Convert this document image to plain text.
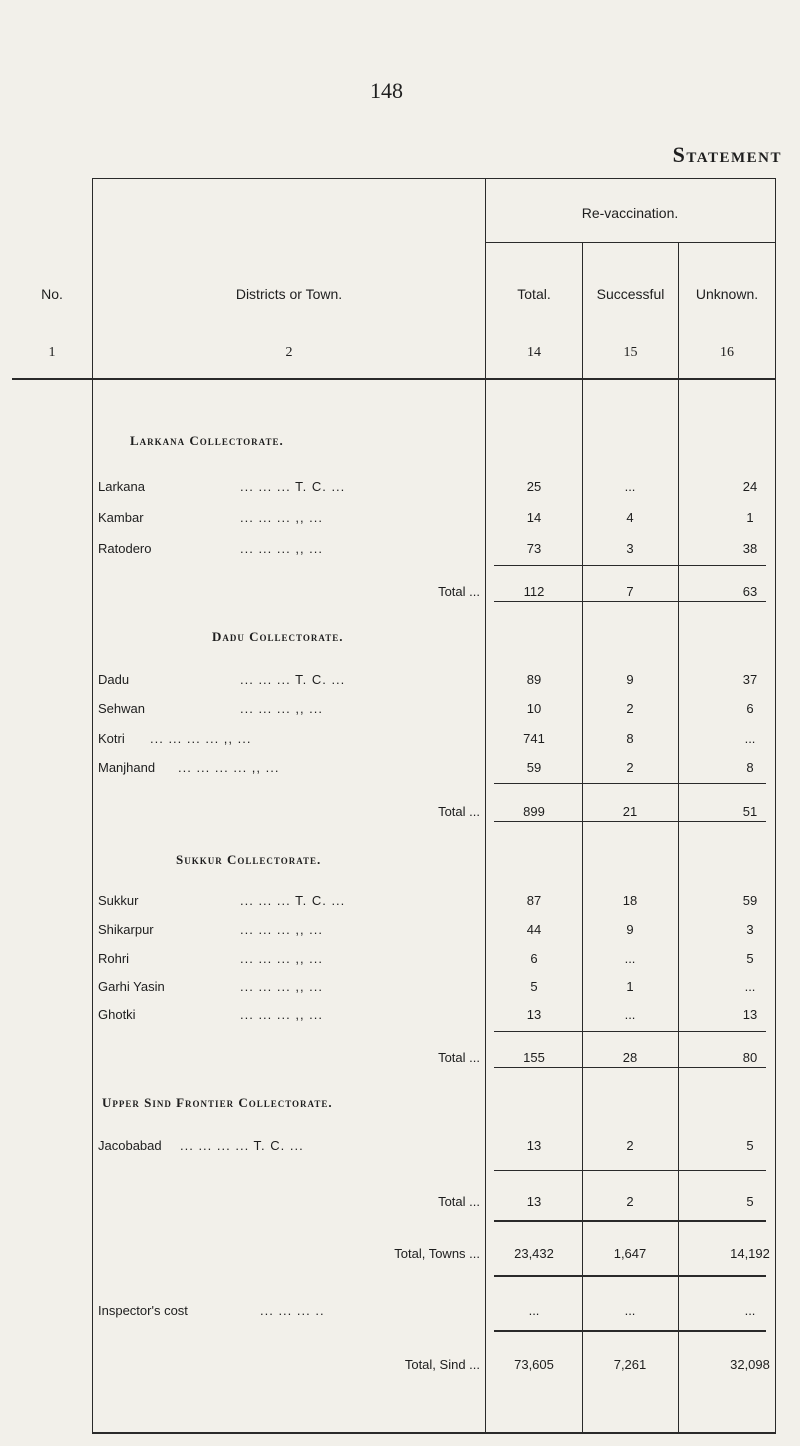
148
Statement
Re-vaccination.
No.	Districts or Town.	Total.	Successful	Unknown.
1	2	14	15	16
Larkana Collectorate.
Larkana	... ... ... T. C. ...	25	...	24
Kambar	... ... ... ,, ...	14	4	1
Ratodero	... ... ... ,, ...	73	3	38
Total ...	112	7	63
Dadu Collectorate.
Dadu	... ... ... T. C. ...	89	9	37
Sehwan	... ... ... ,, ...	10	2	6
Kotri ... ... ... ... ,, ...	741	8	...
Manjhand ... ... ... ... ,, ...	59	2	8
Total ...	899	21	51
Sukkur Collectorate.
Sukkur	... ... ... T. C. ...	87	18	59
Shikarpur	... ... ... ,, ...	44	9	3
Rohri	... ... ... ,, ...	6	...	5
Garhi Yasin	... ... ... ,, ...	5	1	...
Ghotki	... ... ... ,, ...	13	...	13
Total ...	155	28	80
Upper Sind Frontier Collectorate.
Jacobabad ... ... ... ... T. C. ...	13	2	5
Total ...	13	2	5
Total, Towns ...	23,432	1,647	14,192
Inspector's cost	... ... ... ..	...	...	...
Total, Sind ...	73,605	7,261	32,098
